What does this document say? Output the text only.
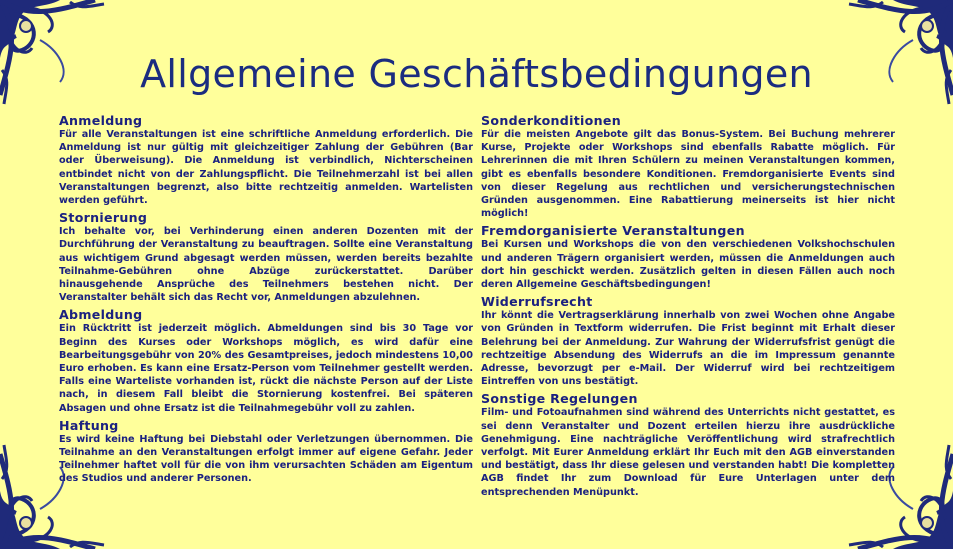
Allgemeine Geschäftsbedingungen
Anmeldung

Für alle Veranstaltungen ist eine schriftliche Anmeldung erforderlich. Die Anmeldung ist nur gültig mit gleichzeitiger Zahlung der Gebühren (Bar oder Überweisung). Die Anmeldung ist verbindlich, Nichterscheinen entbindet nicht von der Zahlungspflicht. Die Teilnehmerzahl ist bei allen Veranstaltungen begrenzt, also bitte rechtzeitig anmelden. Wartelisten werden geführt.

Stornierung

Ich behalte vor, bei Verhinderung einen anderen Dozenten mit der Durchführung der Veranstaltung zu beauftragen. Sollte eine Veranstaltung aus wichtigem Grund abgesagt werden müssen, werden bereits bezahlte Teilnahme-Gebühren ohne Abzüge zurückerstattet. Darüber hinausgehende Ansprüche des Teilnehmers bestehen nicht. Der Veranstalter behält sich das Recht vor, Anmeldungen abzulehnen.

Abmeldung

Ein Rücktritt ist jederzeit möglich. Abmeldungen sind bis 30 Tage vor Beginn des Kurses oder Workshops möglich, es wird dafür eine Bearbeitungsgebühr von 20% des Gesamtpreises, jedoch mindestens 10,00 Euro erhoben. Es kann eine Ersatz-Person vom Teilnehmer gestellt werden. Falls eine Warteliste vorhanden ist, rückt die nächste Person auf der Liste nach, in diesem Fall bleibt die Stornierung kostenfrei. Bei späteren Absagen und ohne Ersatz ist die Teilnahmegebühr voll zu zahlen.

Haftung

Es wird keine Haftung bei Diebstahl oder Verletzungen übernommen. Die Teilnahme an den Veranstaltungen erfolgt immer auf eigene Gefahr. Jeder Teilnehmer haftet voll für die von ihm verursachten Schäden am Eigentum des Studios und anderer Personen.

Sonderkonditionen

Für die meisten Angebote gilt das Bonus-System. Bei Buchung mehrerer Kurse, Projekte oder Workshops sind ebenfalls Rabatte möglich. Für Lehrerinnen die mit Ihren Schülern zu meinen Veranstaltungen kommen, gibt es ebenfalls besondere Konditionen. Fremdorganisierte Events sind von dieser Regelung aus rechtlichen und versicherungstechnischen Gründen ausgenommen. Eine Rabattierung meinerseits ist hier nicht möglich!

Fremdorganisierte Veranstaltungen

Bei Kursen und Workshops die von den verschiedenen Volkshochschulen und anderen Trägern organisiert werden, müssen die Anmeldungen auch dort hin geschickt werden. Zusätzlich gelten in diesen Fällen auch noch deren Allgemeine Geschäftsbedingungen!

Widerrufsrecht

Ihr könnt die Vertragserklärung innerhalb von zwei Wochen ohne Angabe von Gründen in Textform widerrufen. Die Frist beginnt mit Erhalt dieser Belehrung bei der Anmeldung. Zur Wahrung der Widerrufsfrist genügt die rechtzeitige Absendung des Widerrufs an die im Impressum genannte Adresse, bevorzugt per e-Mail. Der Widerruf wird bei rechtzeitigem Eintreffen von uns bestätigt.

Sonstige Regelungen

Film- und Fotoaufnahmen sind während des Unterrichts nicht gestattet, es sei denn Veranstalter und Dozent erteilen hierzu ihre ausdrückliche Genehmigung. Eine nachträgliche Veröffentlichung wird strafrechtlich verfolgt. Mit Eurer Anmeldung erklärt Ihr Euch mit den AGB einverstanden und bestätigt, dass Ihr diese gelesen und verstanden habt! Die kompletten AGB findet Ihr zum Download für Eure Unterlagen unter dem entsprechenden Menüpunkt.
